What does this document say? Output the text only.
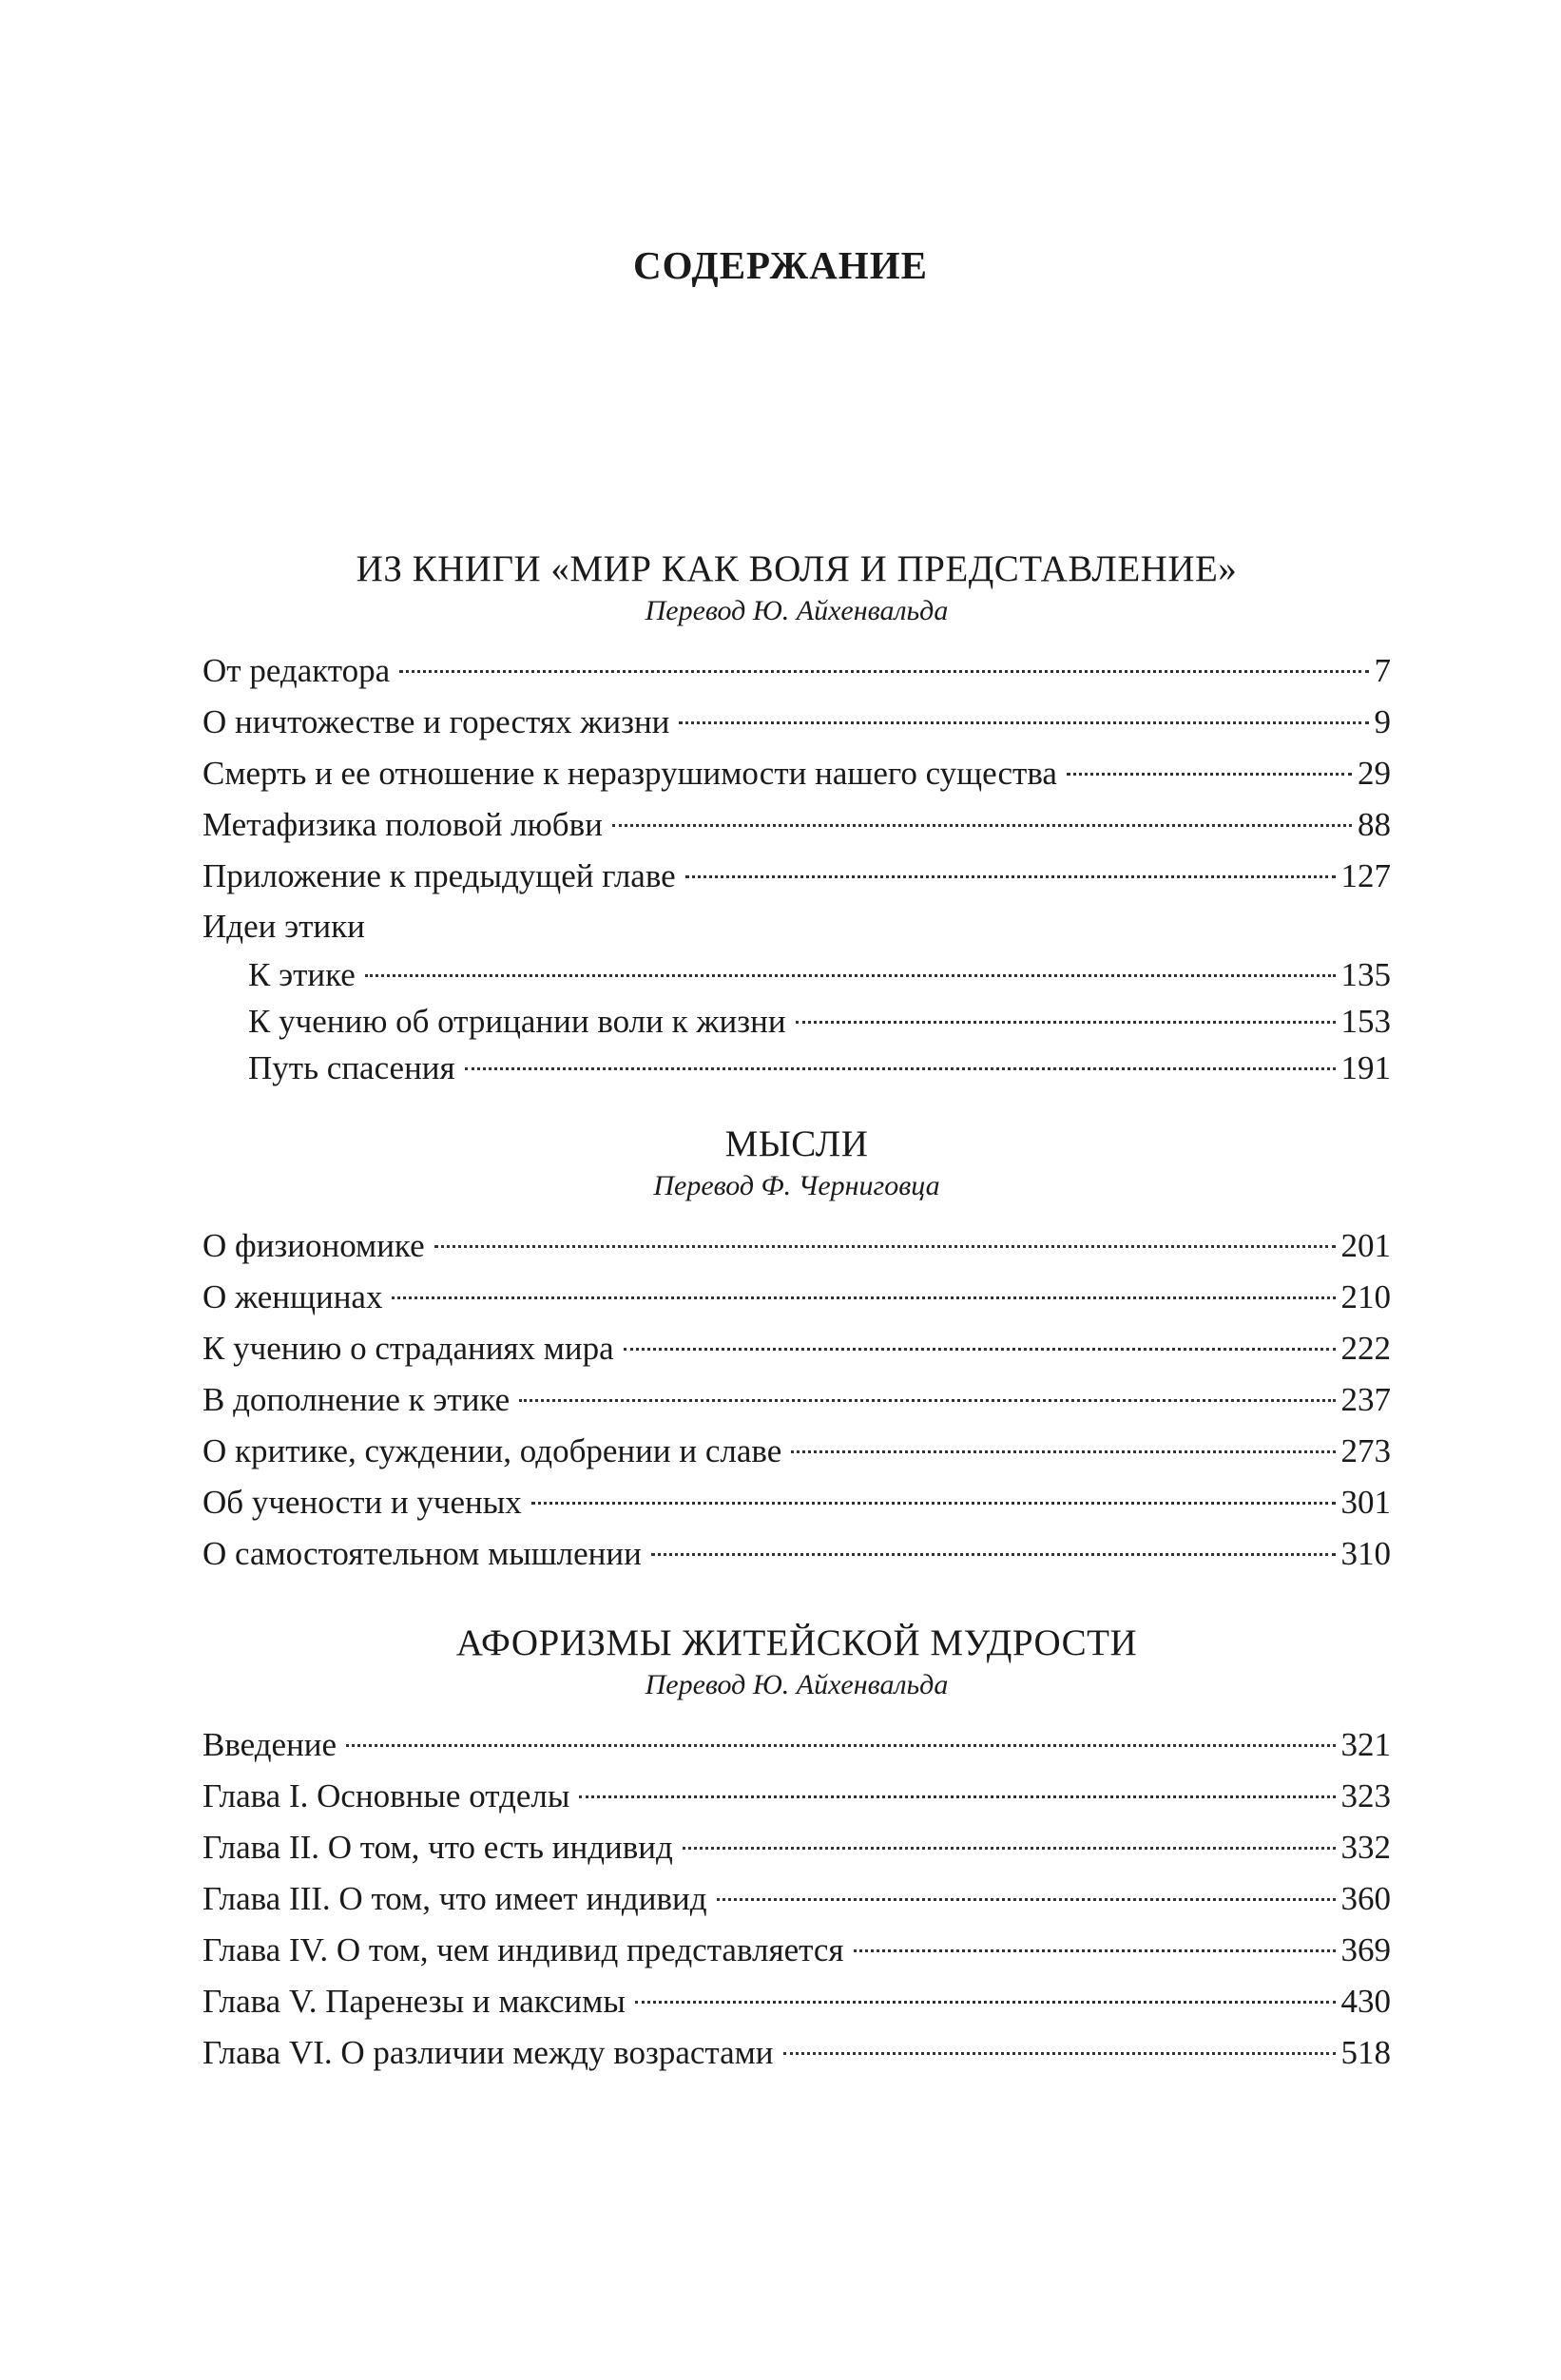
СОДЕРЖАНИЕ
ИЗ КНИГИ «МИР КАК ВОЛЯ И ПРЕДСТАВЛЕНИЕ»
Перевод Ю. Айхенвальда
От редактора	7
О ничтожестве и горестях жизни	9
Смерть и ее отношение к неразрушимости нашего существа	29
Метафизика половой любви	88
Приложение к предыдущей главе	127
Идеи этики
К этике	135
К учению об отрицании воли к жизни	153
Путь спасения	191
МЫСЛИ
Перевод Ф. Черниговца
О физиономике	201
О женщинах	210
К учению о страданиях мира	222
В дополнение к этике	237
О критике, суждении, одобрении и славе	273
Об учености и ученых	301
О самостоятельном мышлении	310
АФОРИЗМЫ ЖИТЕЙСКОЙ МУДРОСТИ
Перевод Ю. Айхенвальда
Введение	321
Глава I. Основные отделы	323
Глава II. О том, что есть индивид	332
Глава III. О том, что имеет индивид	360
Глава IV. О том, чем индивид представляется	369
Глава V. Паренезы и максимы	430
Глава VI. О различии между возрастами	518
